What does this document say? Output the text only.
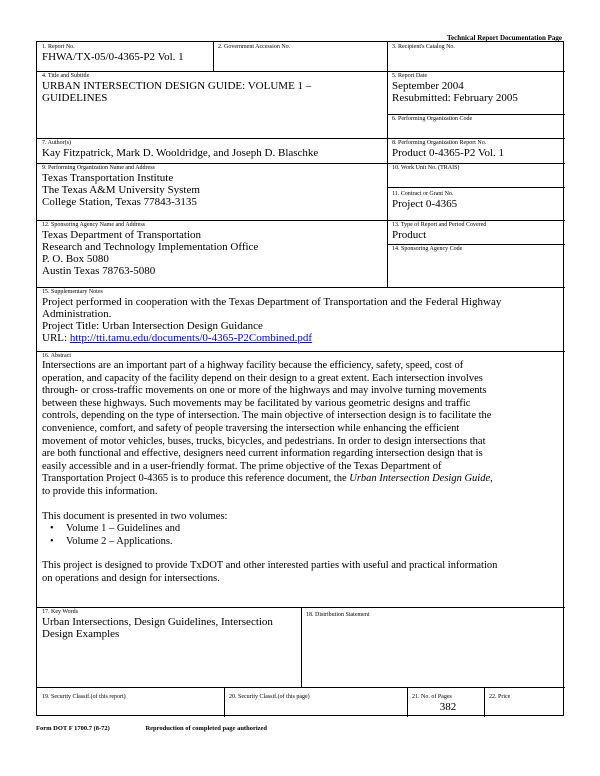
Technical Report Documentation Page
1. Report No.
FHWA/TX-05/0-4365-P2 Vol. 1
2. Government Accession No.	3. Recipient's Catalog No.
4. Title and Subtitle
URBAN INTERSECTION DESIGN GUIDE: VOLUME 1 –
GUIDELINES
5. Report Date
September 2004
Resubmitted: February 2005
6. Performing Organization Code
7. Author(s)
Kay Fitzpatrick, Mark D. Wooldridge, and Joseph D. Blaschke
8. Performing Organization Report No.
Product 0-4365-P2 Vol. 1
9. Performing Organization Name and Address
Texas Transportation Institute
The Texas A&M University System
College Station, Texas 77843-3135
10. Work Unit No. (TRAIS)
11. Contract or Grant No.
Project 0-4365
12. Sponsoring Agency Name and Address
Texas Department of Transportation
Research and Technology Implementation Office
P. O. Box 5080
Austin Texas 78763-5080
13. Type of Report and Period Covered
Product
14. Sponsoring Agency Code
15. Supplementary Notes
Project performed in cooperation with the Texas Department of Transportation and the Federal Highway
Administration.
Project Title: Urban Intersection Design Guidance
URL: http://tti.tamu.edu/documents/0-4365-P2Combined.pdf
16. Abstract

Intersections are an important part of a highway facility because the efficiency, safety, speed, cost of
operation, and capacity of the facility depend on their design to a great extent. Each intersection involves
through- or cross-traffic movements on one or more of the highways and may involve turning movements
between these highways. Such movements may be facilitated by various geometric designs and traffic
controls, depending on the type of intersection. The main objective of intersection design is to facilitate the
convenience, comfort, and safety of people traversing the intersection while enhancing the efficient
movement of motor vehicles, buses, trucks, bicycles, and pedestrians. In order to design intersections that
are both functional and effective, designers need current information regarding intersection design that is
easily accessible and in a user-friendly format. The prime objective of the Texas Department of
Transportation Project 0-4365 is to produce this reference document, the Urban Intersection Design Guide,
to provide this information.

This document is presented in two volumes:

• Volume 1 – Guidelines and
• Volume 2 – Applications.

This project is designed to provide TxDOT and other interested parties with useful and practical information
on operations and design for intersections.

17. Key Words
Urban Intersections, Design Guidelines, Intersection
Design Examples
18. Distribution Statement
19. Security Classif.(of this report)	20. Security Classif.(of this page)	21. No. of Pages
382
22. Price
Form DOT F 1700.7 (8-72)	Reproduction of completed page authorized
